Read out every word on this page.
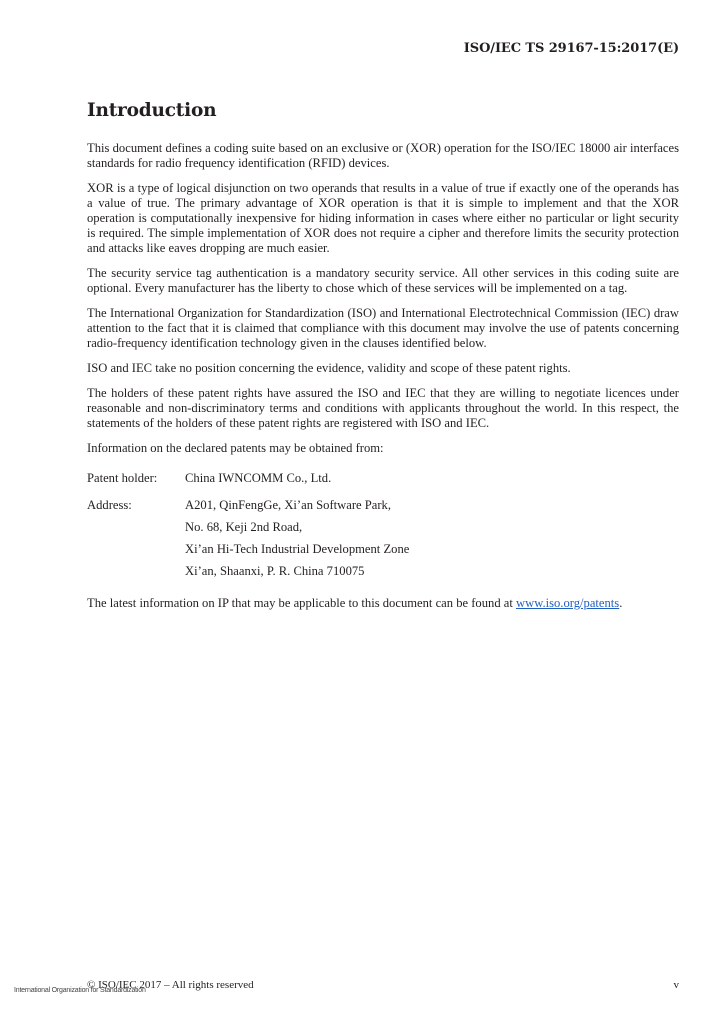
ISO/IEC TS 29167-15:2017(E)
Introduction

This document defines a coding suite based on an exclusive or (XOR) operation for the ISO/IEC 18000 air interfaces standards for radio frequency identification (RFID) devices.

XOR is a type of logical disjunction on two operands that results in a value of true if exactly one of the operands has a value of true. The primary advantage of XOR operation is that it is simple to implement and that the XOR operation is computationally inexpensive for hiding information in cases where either no particular or light security is required. The simple implementation of XOR does not require a cipher and therefore limits the security protection and attacks like eaves dropping are much easier.

The security service tag authentication is a mandatory security service. All other services in this coding suite are optional. Every manufacturer has the liberty to chose which of these services will be implemented on a tag.

The International Organization for Standardization (ISO) and International Electrotechnical Commission (IEC) draw attention to the fact that it is claimed that compliance with this document may involve the use of patents concerning radio-frequency identification technology given in the clauses identified below.

ISO and IEC take no position concerning the evidence, validity and scope of these patent rights.

The holders of these patent rights have assured the ISO and IEC that they are willing to negotiate licences under reasonable and non-discriminatory terms and conditions with applicants throughout the world. In this respect, the statements of the holders of these patent rights are registered with ISO and IEC.

Information on the declared patents may be obtained from:

Patent holder:	China IWNCOMM Co., Ltd.
Address:	A201, QinFengGe, Xi’an Software Park,
No. 68, Keji 2nd Road,
Xi’an Hi-Tech Industrial Development Zone
Xi’an, Shaanxi, P. R. China 710075

The latest information on IP that may be applicable to this document can be found at www.iso.org/patents.

International Organization for Standardization
© ISO/IEC 2017 – All rights reserved	v
